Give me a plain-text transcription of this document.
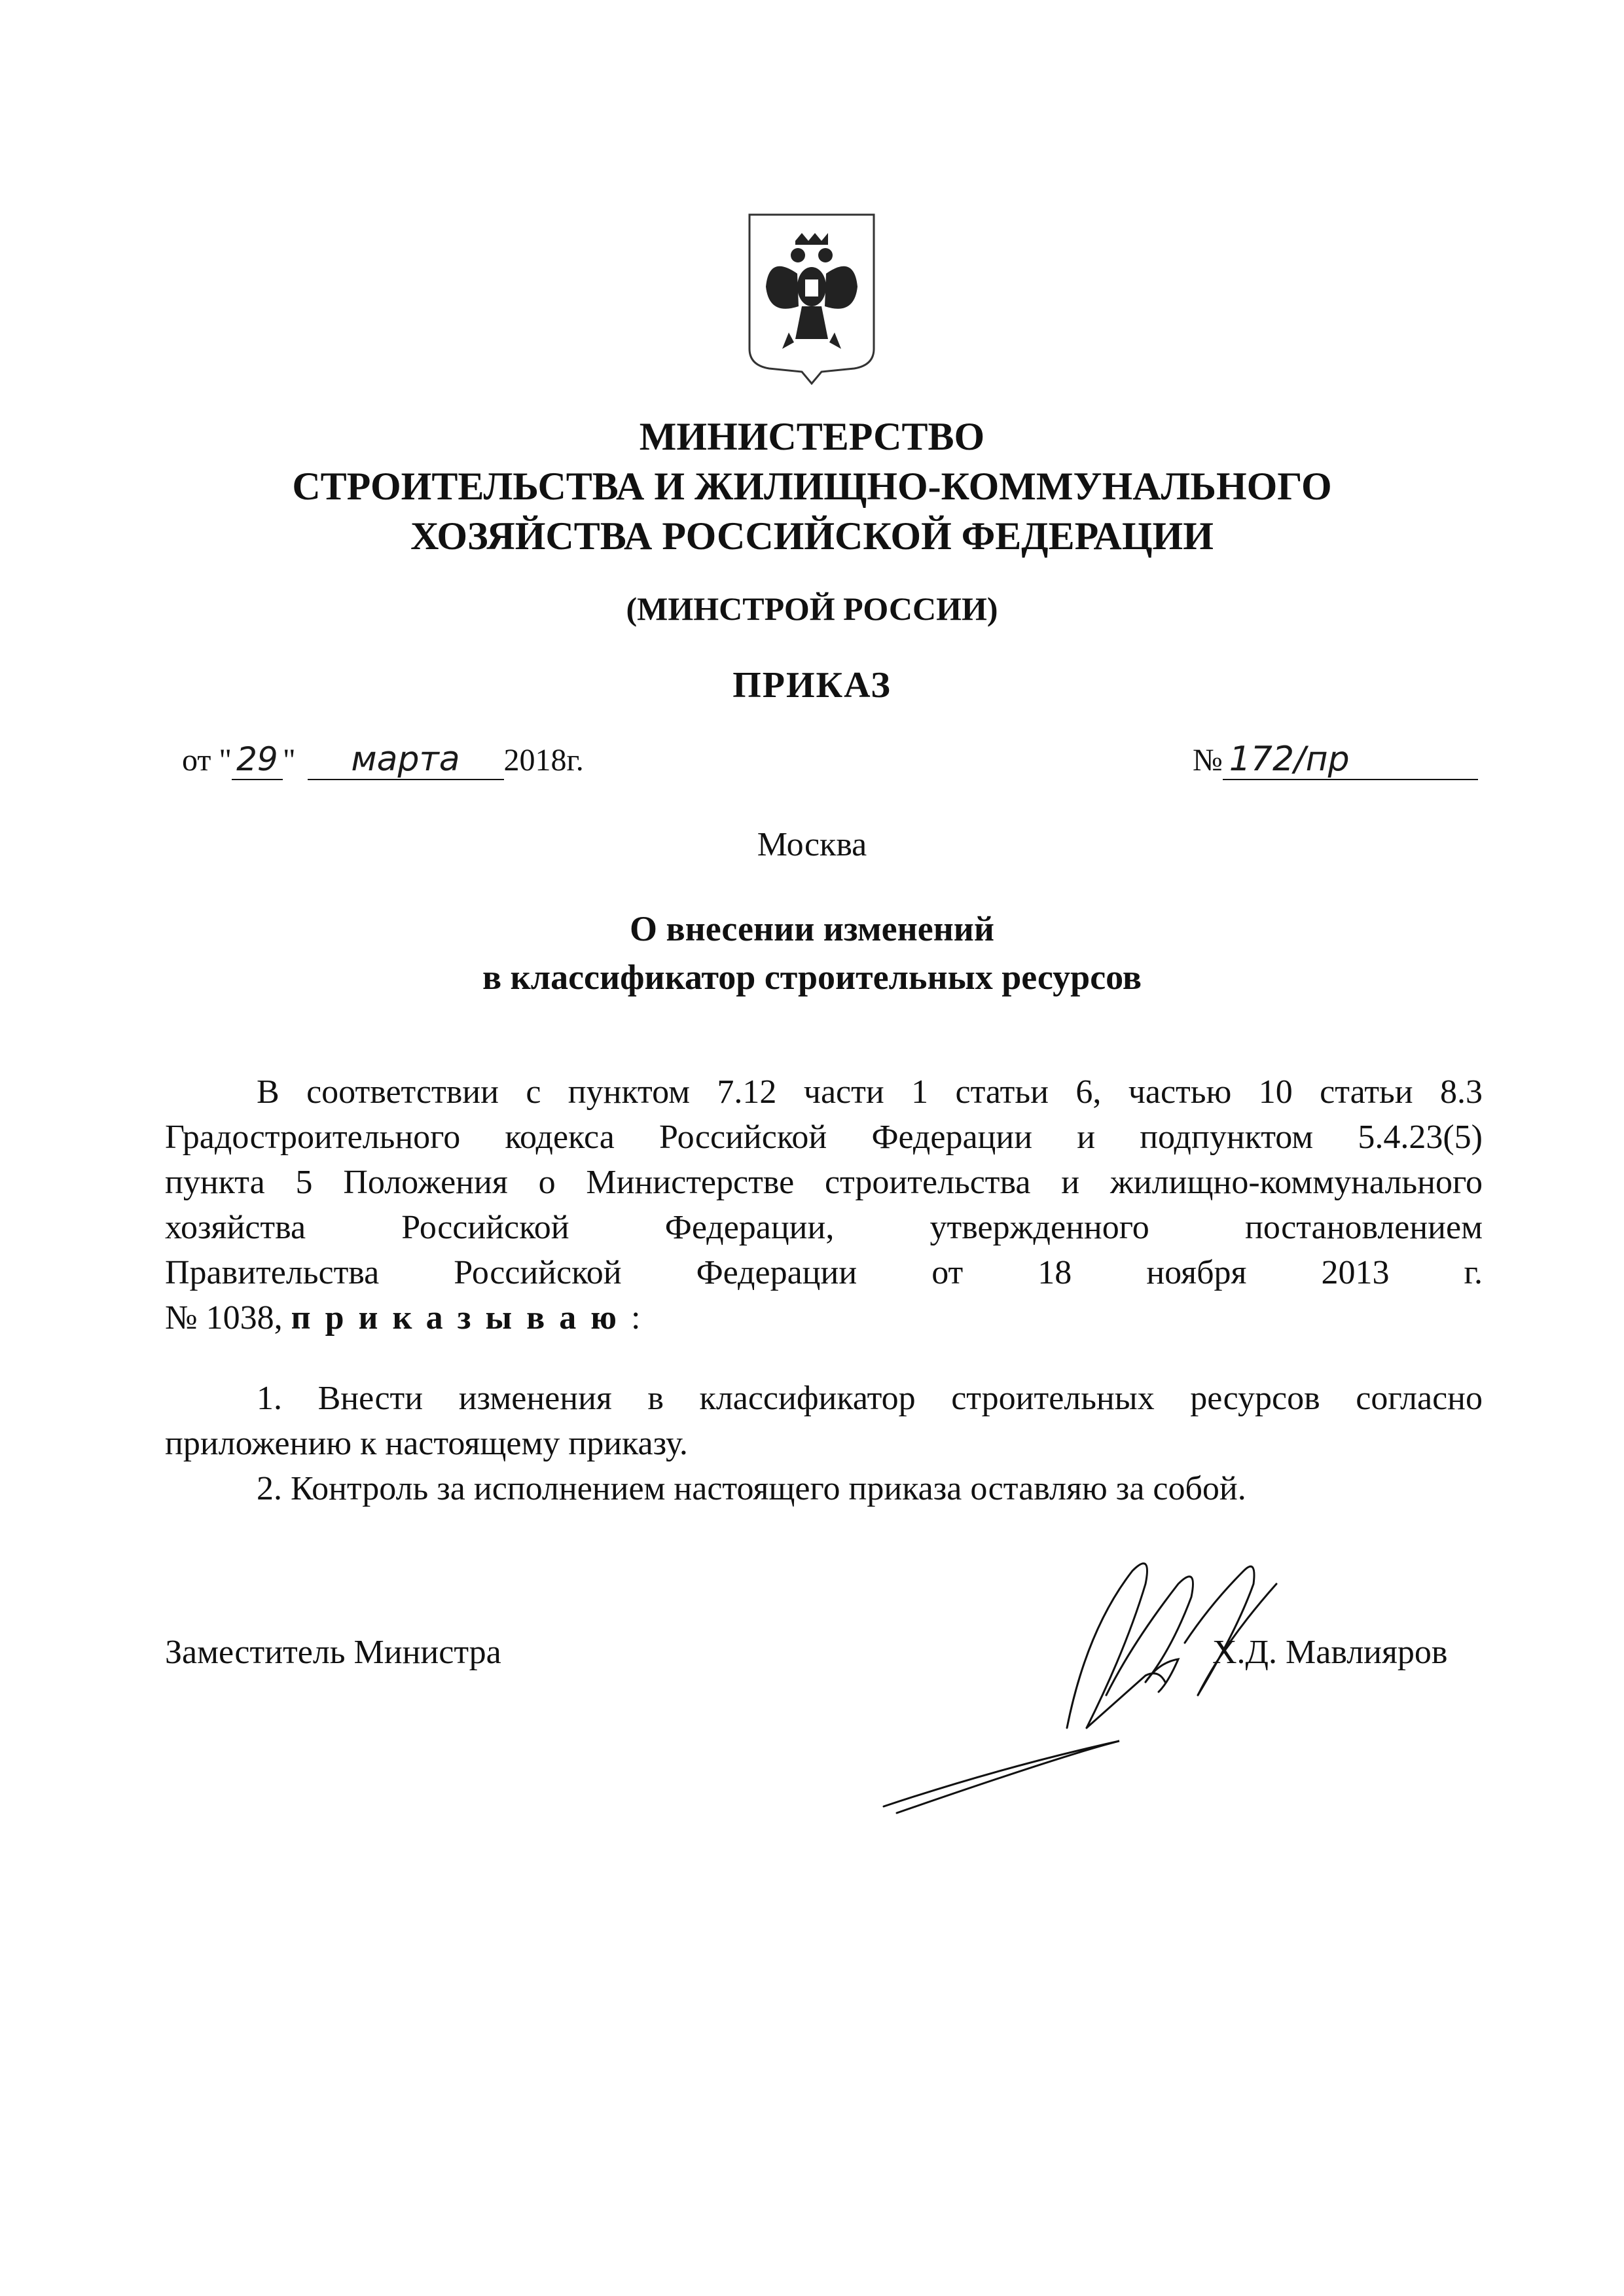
МИНИСТЕРСТВО
СТРОИТЕЛЬСТВА И ЖИЛИЩНО-КОММУНАЛЬНОГО
ХОЗЯЙСТВА РОССИЙСКОЙ ФЕДЕРАЦИИ
(МИНСТРОЙ РОССИИ)
ПРИКАЗ
от " 29 "	марта	2018 г.	№ 172/пр
Москва
О внесении изменений
в классификатор строительных ресурсов
В соответствии с пунктом 7.12 части 1 статьи 6, частью 10 статьи 8.3
Градостроительного кодекса Российской Федерации и подпунктом 5.4.23(5)
пункта 5 Положения о Министерстве строительства и жилищно-коммунального
хозяйства Российской Федерации, утвержденного постановлением
Правительства Российской Федерации от 18 ноября 2013 г.
№ 1038, приказываю:
1. Внести изменения в классификатор строительных ресурсов согласно
приложению к настоящему приказу.
2. Контроль за исполнением настоящего приказа оставляю за собой.
Заместитель Министра	Х.Д. Мавлияров
